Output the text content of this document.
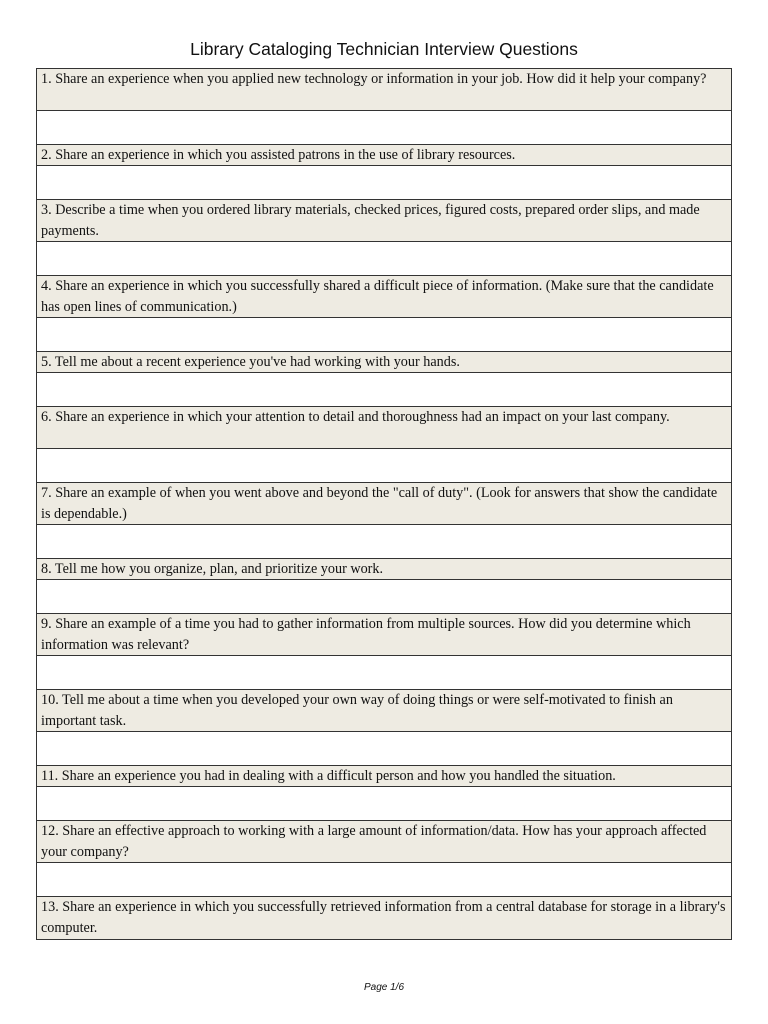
Library Cataloging Technician Interview Questions
1. Share an experience when you applied new technology or information in your job. How did it help your company?
2. Share an experience in which you assisted patrons in the use of library resources.
3. Describe a time when you ordered library materials, checked prices, figured costs, prepared order slips, and made payments.
4. Share an experience in which you successfully shared a difficult piece of information. (Make sure that the candidate has open lines of communication.)
5. Tell me about a recent experience you've had working with your hands.
6. Share an experience in which your attention to detail and thoroughness had an impact on your last company.
7. Share an example of when you went above and beyond the "call of duty". (Look for answers that show the candidate is dependable.)
8. Tell me how you organize, plan, and prioritize your work.
9. Share an example of a time you had to gather information from multiple sources. How did you determine which information was relevant?
10. Tell me about a time when you developed your own way of doing things or were self-motivated to finish an important task.
11. Share an experience you had in dealing with a difficult person and how you handled the situation.
12. Share an effective approach to working with a large amount of information/data. How has your approach affected your company?
13. Share an experience in which you successfully retrieved information from a central database for storage in a library's computer.
Page 1/6
